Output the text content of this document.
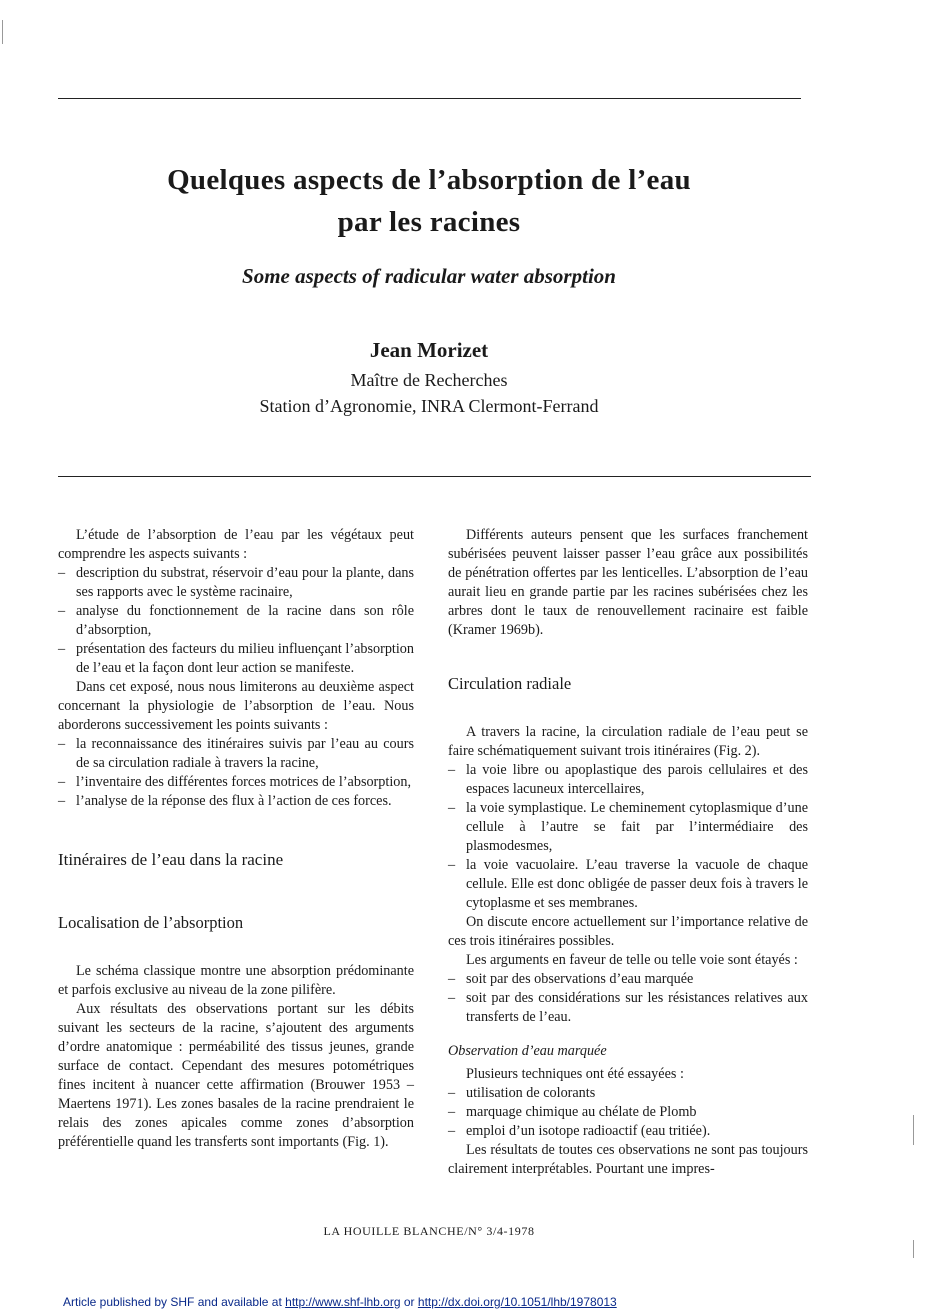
Quelques aspects de l’absorption de l’eau
par les racines
Some aspects of radicular water absorption
Jean Morizet
Maître de Recherches
Station d’Agronomie, INRA Clermont-Ferrand

L’étude de l’absorption de l’eau par les végétaux peut comprendre les aspects suivants :

– description du substrat, réservoir d’eau pour la plante, dans ses rapports avec le système racinaire,

– analyse du fonctionnement de la racine dans son rôle d’absorption,

– présentation des facteurs du milieu influençant l’absorption de l’eau et la façon dont leur action se manifeste.

Dans cet exposé, nous nous limiterons au deuxième aspect concernant la physiologie de l’absorption de l’eau. Nous aborderons successivement les points suivants :

– la reconnaissance des itinéraires suivis par l’eau au cours de sa circulation radiale à travers la racine,

– l’inventaire des différentes forces motrices de l’absorption,

– l’analyse de la réponse des flux à l’action de ces forces.

Itinéraires de l’eau dans la racine

Localisation de l’absorption

Le schéma classique montre une absorption prédominante et parfois exclusive au niveau de la zone pilifère.

Aux résultats des observations portant sur les débits suivant les secteurs de la racine, s’ajoutent des arguments d’ordre anatomique : perméabilité des tissus jeunes, grande surface de contact. Cependant des mesures potométriques fines incitent à nuancer cette affirmation (Brouwer 1953 – Maertens 1971). Les zones basales de la racine prendraient le relais des zones apicales comme zones d’absorption préférentielle quand les transferts sont importants (Fig. 1).

Différents auteurs pensent que les surfaces franchement subérisées peuvent laisser passer l’eau grâce aux possibilités de pénétration offertes par les lenticelles. L’absorption de l’eau aurait lieu en grande partie par les racines subérisées chez les arbres dont le taux de renouvellement racinaire est faible (Kramer 1969b).

Circulation radiale

A travers la racine, la circulation radiale de l’eau peut se faire schématiquement suivant trois itinéraires (Fig. 2).

– la voie libre ou apoplastique des parois cellulaires et des espaces lacuneux intercellaires,

– la voie symplastique. Le cheminement cytoplasmique d’une cellule à l’autre se fait par l’intermédiaire des plasmodesmes,

– la voie vacuolaire. L’eau traverse la vacuole de chaque cellule. Elle est donc obligée de passer deux fois à travers le cytoplasme et ses membranes.

On discute encore actuellement sur l’importance relative de ces trois itinéraires possibles.

Les arguments en faveur de telle ou telle voie sont étayés :

– soit par des observations d’eau marquée

– soit par des considérations sur les résistances relatives aux transferts de l’eau.

Observation d’eau marquée

Plusieurs techniques ont été essayées :

– utilisation de colorants

– marquage chimique au chélate de Plomb

– emploi d’un isotope radioactif (eau tritiée).

Les résultats de toutes ces observations ne sont pas toujours clairement interprétables. Pourtant une impres-

LA HOUILLE BLANCHE/N° 3/4-1978
Article published by SHF and available at http://www.shf-lhb.org or http://dx.doi.org/10.1051/lhb/1978013
